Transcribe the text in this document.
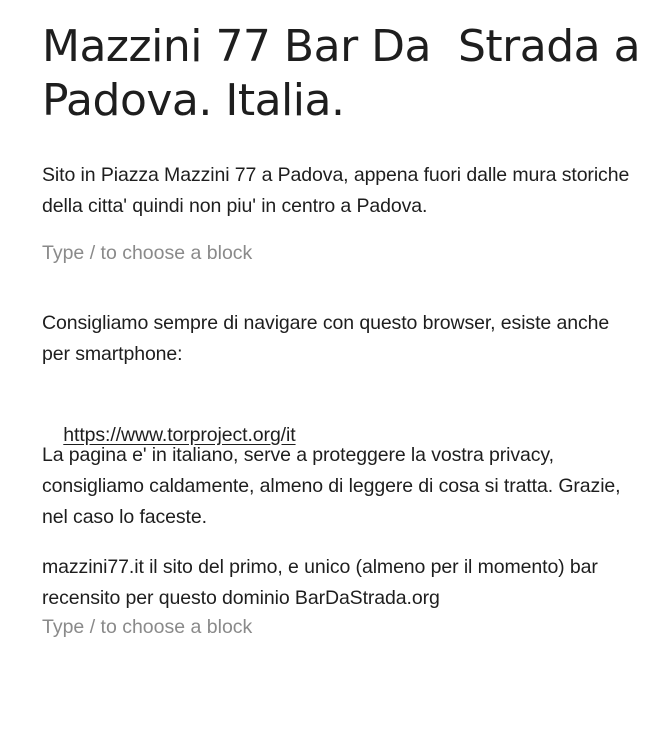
Mazzini 77 Bar Da  Strada a Padova. Italia.

Sito in Piazza Mazzini 77 a Padova, appena fuori dalle mura storiche della citta' quindi non piu' in centro a Padova.

Type / to choose a block

Consigliamo sempre di navigare con questo browser, esiste anche per smartphone:

https://www.torproject.org/it

La pagina e' in italiano, serve a proteggere la vostra privacy, consigliamo caldamente, almeno di leggere di cosa si tratta. Grazie, nel caso lo faceste.

mazzini77.it il sito del primo, e unico (almeno per il momento) bar recensito per questo dominio BarDaStrada.org

Type / to choose a block
